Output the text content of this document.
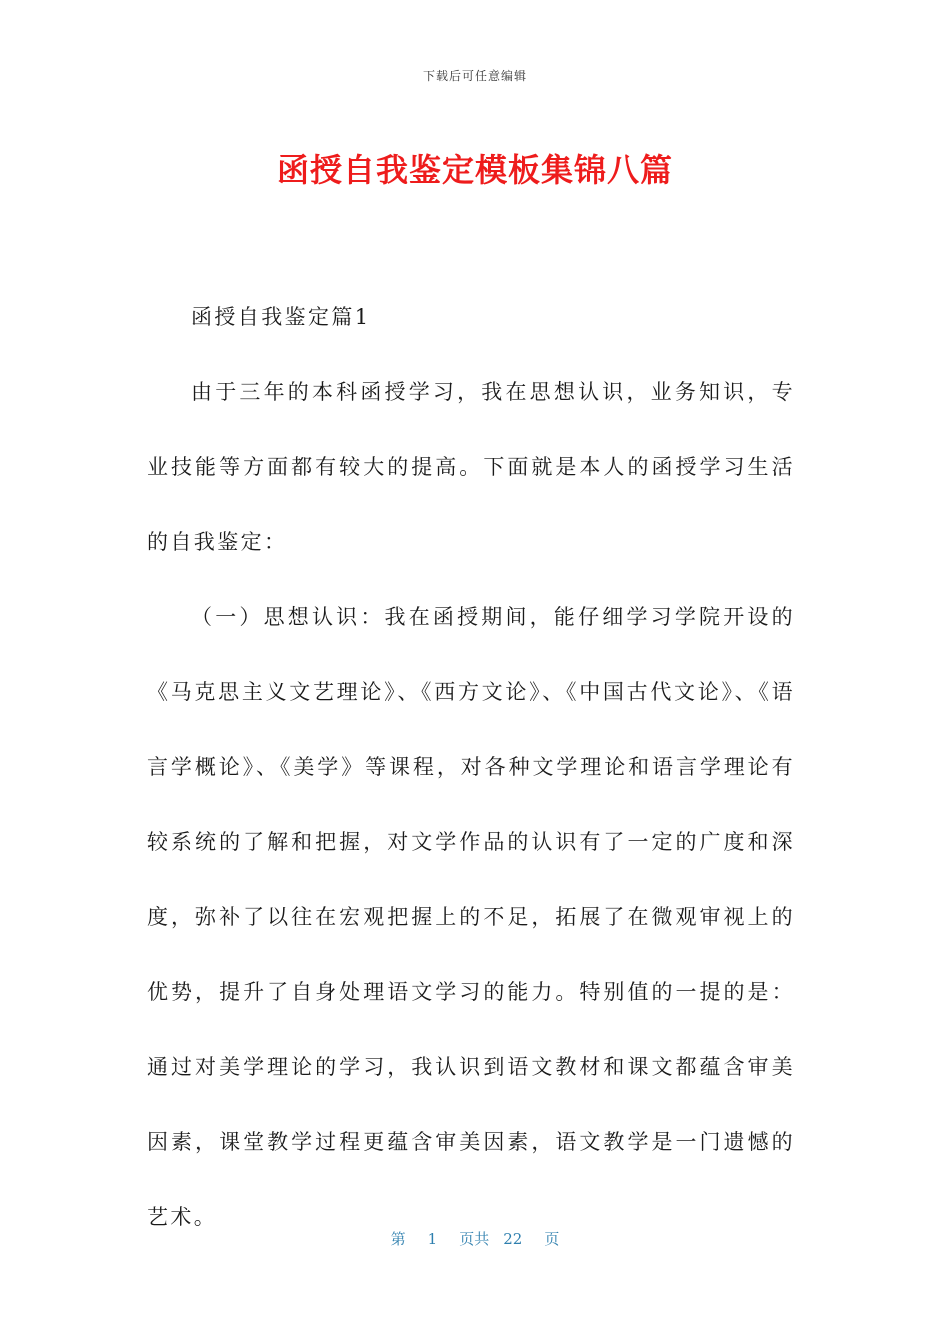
下载后可任意编辑
函授自我鉴定模板集锦八篇

函授自我鉴定篇1

由于三年的本科函授学习，我在思想认识，业务知识，专业技能等方面都有较大的提高。下面就是本人的函授学习生活的自我鉴定：

（一）思想认识：我在函授期间，能仔细学习学院开设的《马克思主义文艺理论》、《西方文论》、《中国古代文论》、《语言学概论》、《美学》等课程，对各种文学理论和语言学理论有较系统的了解和把握，对文学作品的认识有了一定的广度和深度，弥补了以往在宏观把握上的不足，拓展了在微观审视上的优势，提升了自身处理语文学习的能力。特别值的一提的是：通过对美学理论的学习，我认识到语文教材和课文都蕴含审美因素，课堂教学过程更蕴含审美因素，语文教学是一门遗憾的艺术。

第 1 页共 22 页
